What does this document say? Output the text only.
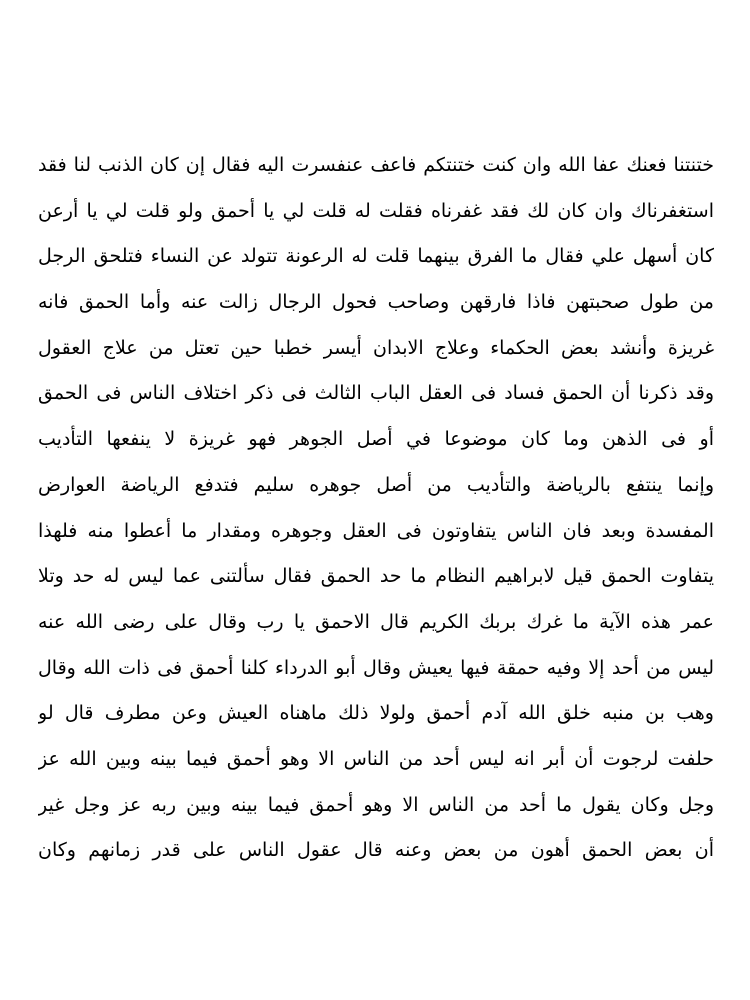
ختنتنا فعنك عفا الله وان كنت ختنتكم فاعف عنفسرت اليه فقال إن كان الذنب لنا فقد
استغفرناك وان كان لك فقد غفرناه فقلت له قلت لي يا أحمق ولو قلت لي يا أرعن
كان أسهل علي فقال ما الفرق بينهما قلت له الرعونة تتولد عن النساء فتلحق الرجل
من طول صحبتهن فاذا فارقهن وصاحب فحول الرجال زالت عنه وأما الحمق فانه
غريزة وأنشد بعض الحكماء وعلاج الابدان أيسر خطبا حين تعتل من علاج العقول
وقد ذكرنا أن الحمق فساد فى العقل الباب الثالث فى ذكر اختلاف الناس فى الحمق
أو فى الذهن وما كان موضوعا في أصل الجوهر فهو غريزة لا ينفعها التأديب
وإنما ينتفع بالرياضة والتأديب من أصل جوهره سليم فتدفع الرياضة العوارض
المفسدة وبعد فان الناس يتفاوتون فى العقل وجوهره ومقدار ما أعطوا منه فلهذا
يتفاوت الحمق قيل لابراهيم النظام ما حد الحمق فقال سألتنى عما ليس له حد وتلا
عمر هذه الآية ما غرك بربك الكريم قال الاحمق يا رب وقال على رضى الله عنه
ليس من أحد إلا وفيه حمقة فيها يعيش وقال أبو الدرداء كلنا أحمق فى ذات الله وقال
وهب بن منبه خلق الله آدم أحمق ولولا ذلك ماهناه العيش وعن مطرف قال لو
حلفت لرجوت أن أبر انه ليس أحد من الناس الا وهو أحمق فيما بينه وبين الله عز
وجل وكان يقول ما أحد من الناس الا وهو أحمق فيما بينه وبين ربه عز وجل غير
أن بعض الحمق أهون من بعض وعنه قال عقول الناس على قدر زمانهم وكان
